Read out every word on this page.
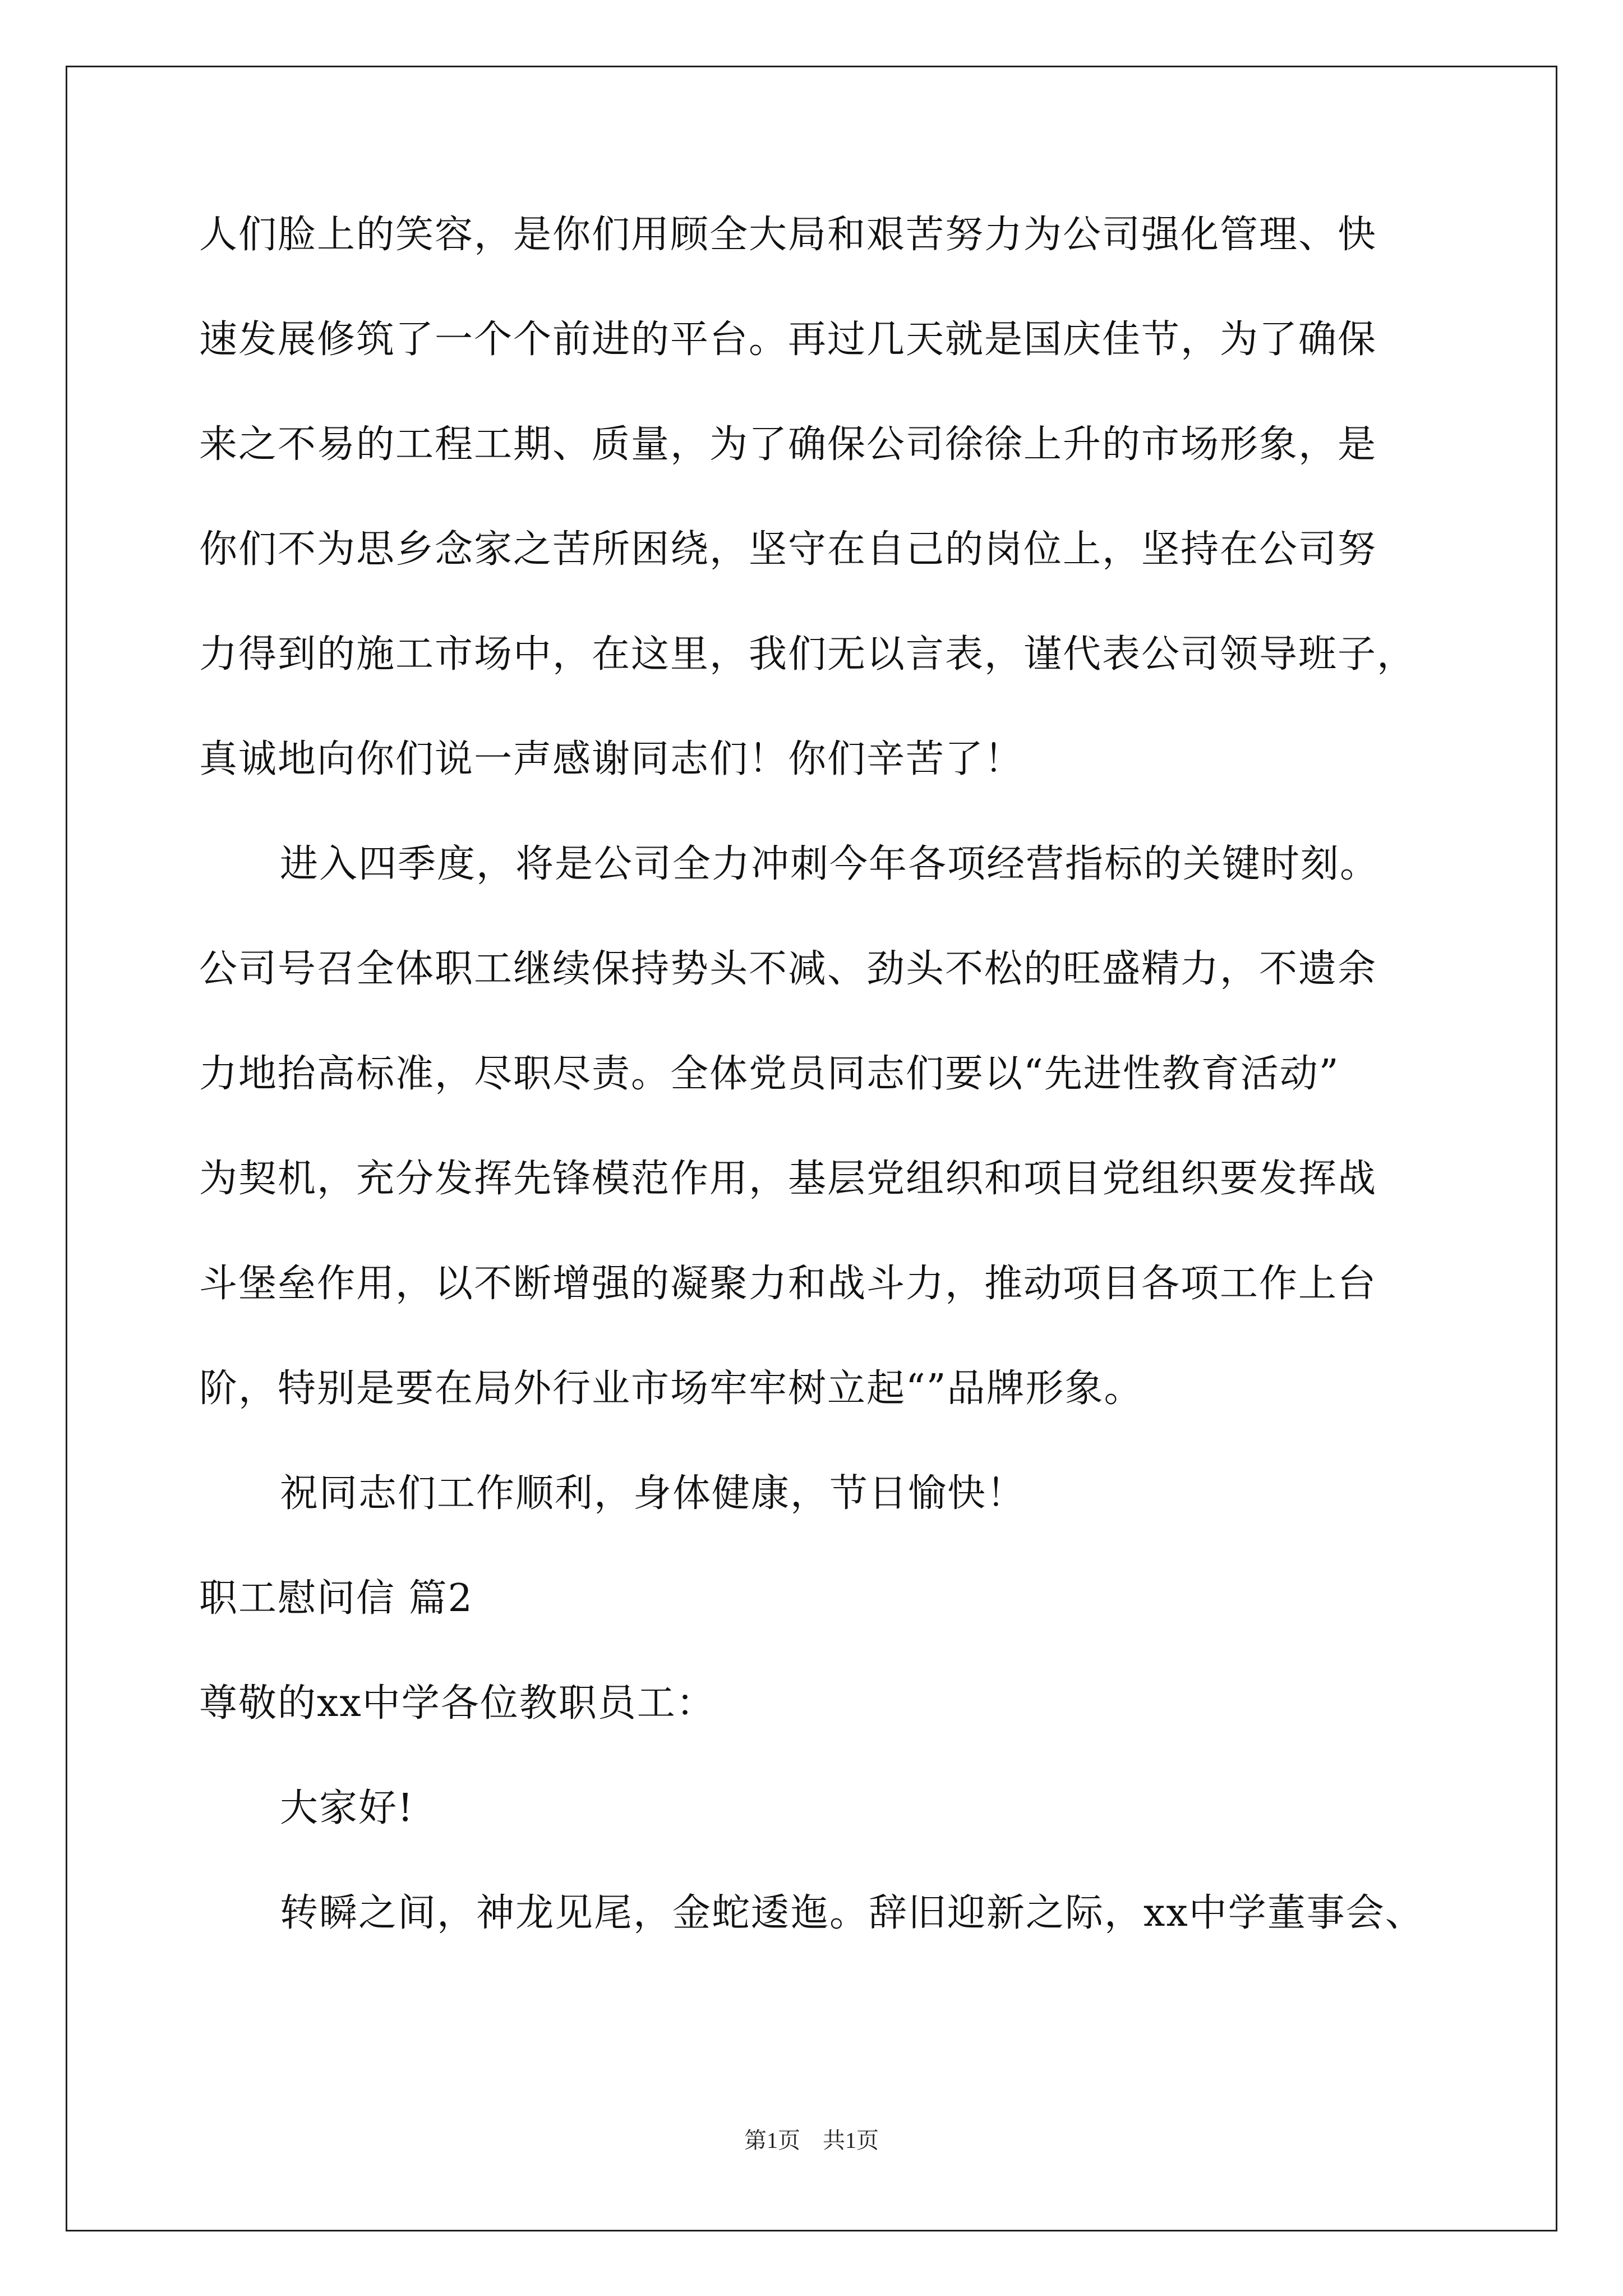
人们脸上的笑容，是你们用顾全大局和艰苦努力为公司强化管理、快
速发展修筑了一个个前进的平台。再过几天就是国庆佳节，为了确保
来之不易的工程工期、质量，为了确保公司徐徐上升的市场形象，是
你们不为思乡念家之苦所困绕，坚守在自己的岗位上，坚持在公司努
力得到的施工市场中，在这里，我们无以言表，谨代表公司领导班子，
真诚地向你们说一声感谢同志们！你们辛苦了！
进入四季度，将是公司全力冲刺今年各项经营指标的关键时刻。
公司号召全体职工继续保持势头不减、劲头不松的旺盛精力，不遗余
力地抬高标准，尽职尽责。全体党员同志们要以“先进性教育活动”
为契机，充分发挥先锋模范作用，基层党组织和项目党组织要发挥战
斗堡垒作用，以不断增强的凝聚力和战斗力，推动项目各项工作上台
阶，特别是要在局外行业市场牢牢树立起“”品牌形象。
祝同志们工作顺利，身体健康，节日愉快！
职工慰问信 篇2
尊敬的xx中学各位教职员工：
大家好!
转瞬之间，神龙见尾，金蛇逶迤。辞旧迎新之际，xx中学董事会、
第1页　共1页
